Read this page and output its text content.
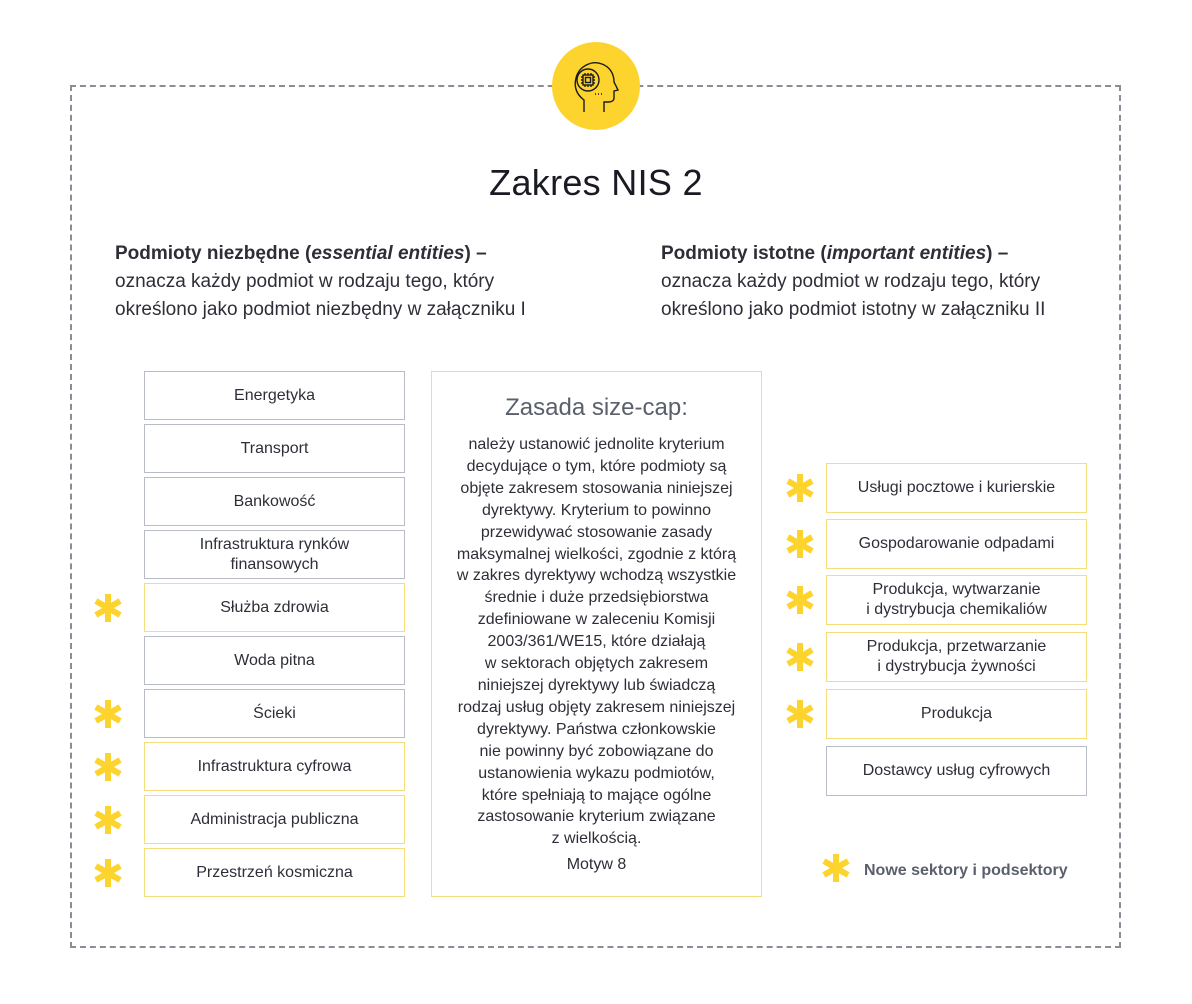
Zakres NIS 2
Podmioty niezbędne (essential entities) –
oznacza każdy podmiot w rodzaju tego, który
określono jako podmiot niezbędny w załączniku I
Podmioty istotne (important entities) –
oznacza każdy podmiot w rodzaju tego, który
określono jako podmiot istotny w załączniku II
Energetyka
Transport
Bankowość
Infrastruktura rynków
finansowych
Służba zdrowia
Woda pitna
Ścieki
Infrastruktura cyfrowa
Administracja publiczna
Przestrzeń kosmiczna
Usługi pocztowe i kurierskie
Gospodarowanie odpadami
Produkcja, wytwarzanie
i dystrybucja chemikaliów
Produkcja, przetwarzanie
i dystrybucja żywności
Produkcja
Dostawcy usług cyfrowych
Zasada size-cap:
należy ustanowić jednolite kryterium
decydujące o tym, które podmioty są
objęte zakresem stosowania niniejszej
dyrektywy. Kryterium to powinno
przewidywać stosowanie zasady
maksymalnej wielkości, zgodnie z którą
w zakres dyrektywy wchodzą wszystkie
średnie i duże przedsiębiorstwa
zdefiniowane w zaleceniu Komisji
2003/361/WE15, które działają
w sektorach objętych zakresem
niniejszej dyrektywy lub świadczą
rodzaj usług objęty zakresem niniejszej
dyrektywy. Państwa członkowskie
nie powinny być zobowiązane do
ustanowienia wykazu podmiotów,
które spełniają to mające ogólne
zastosowanie kryterium związane
z wielkością.
Motyw 8	Nowe sektory i podsektory
